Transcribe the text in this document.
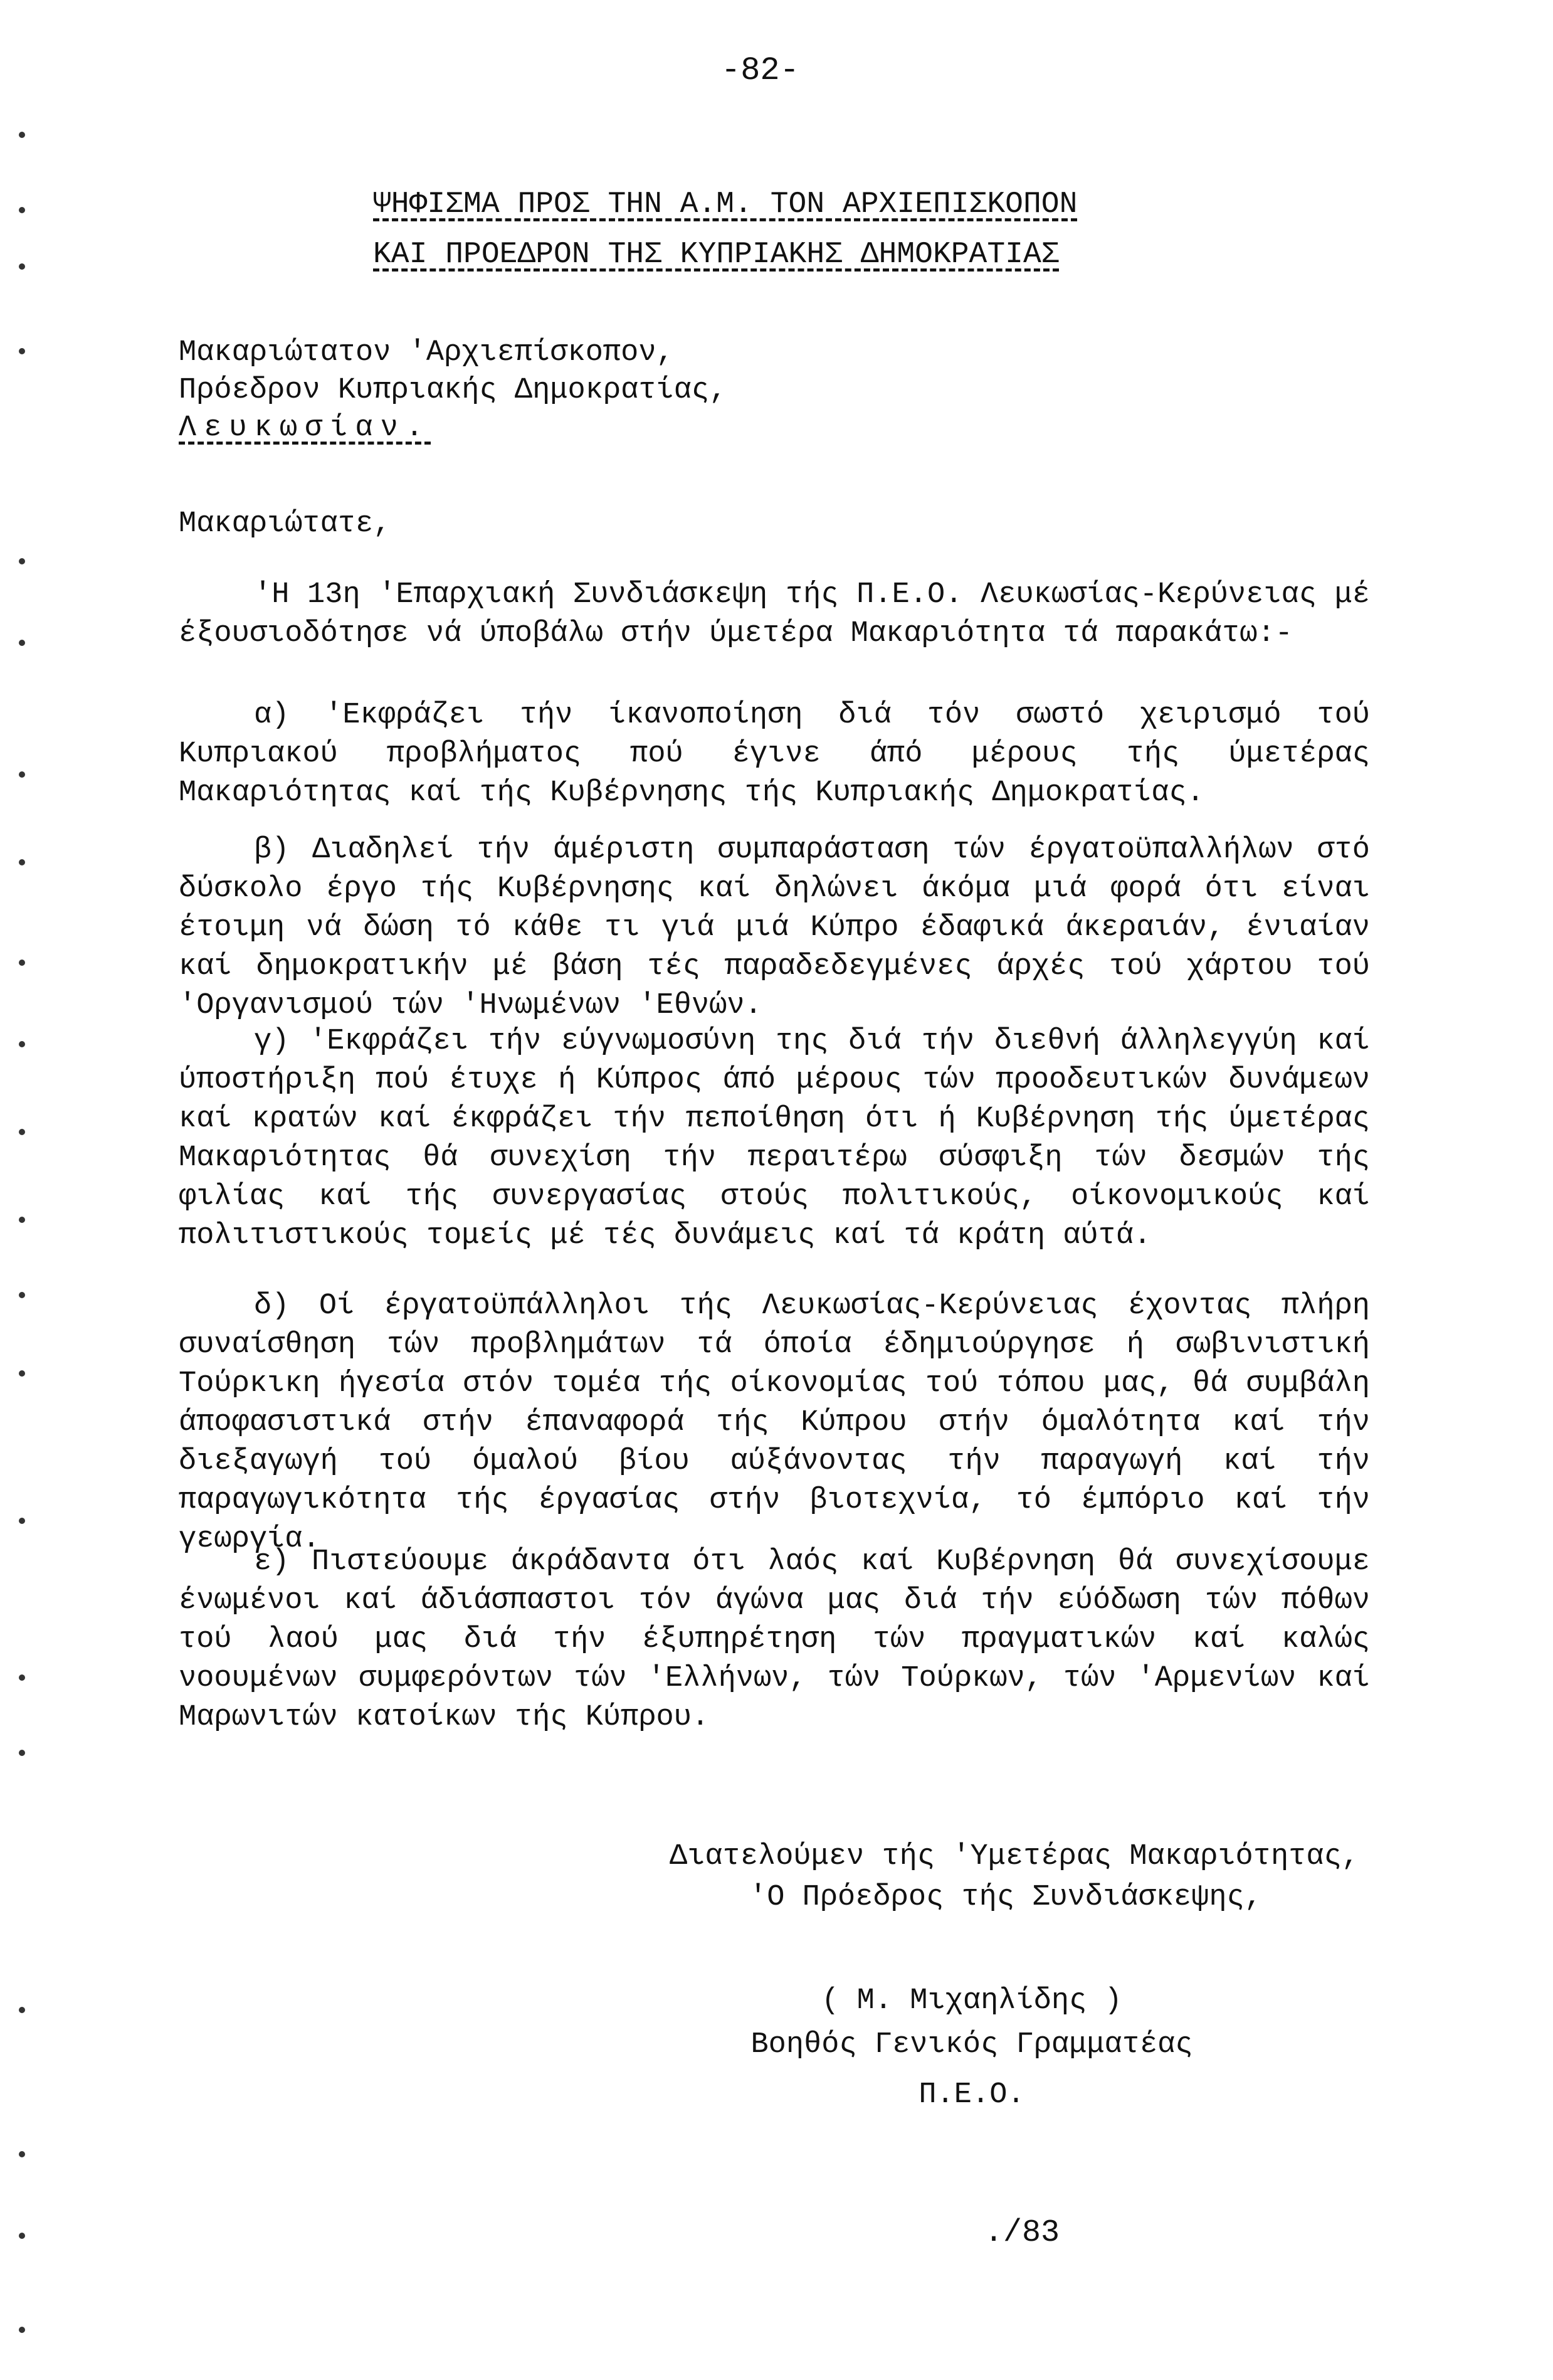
-82-
ΨΗΦΙΣΜΑ ΠΡΟΣ ΤΗΝ Α.Μ. ΤΟΝ ΑΡΧΙΕΠΙΣΚΟΠΟΝ
ΚΑΙ ΠΡΟΕΔΡΟΝ ΤΗΣ ΚΥΠΡΙΑΚΗΣ ΔΗΜΟΚΡΑΤΙΑΣ
Μακαριώτατον 'Αρχιεπίσκοπον,
Πρόεδρον Κυπριακής Δημοκρατίας,
Λευκωσίαν.
Μακαριώτατε,

'Η 13η 'Επαρχιακή Συνδιάσκεψη τής Π.Ε.Ο. Λευκωσίας-Κερύνειας μέ έξουσιοδότησε νά ύποβάλω στήν ύμετέρα Μακαριότητα τά παρακάτω:-

α) 'Εκφράζει τήν ίκανοποίηση διά τόν σωστό χειρισμό τού Κυπριακού προβλήματος πού έγινε άπό μέρους τής ύμετέρας Μακαριότητας καί τής Κυβέρνησης τής Κυπριακής Δημοκρατίας.

β) Διαδηλεί τήν άμέριστη συμπαράσταση τών έργατοϋπαλλήλων στό δύσκολο έργο τής Κυβέρνησης καί δηλώνει άκόμα μιά φορά ότι είναι έτοιμη νά δώση τό κάθε τι γιά μιά Κύπρο έδαφικά άκεραιάν, ένιαίαν καί δημοκρατικήν μέ βάση τές παραδεδεγμένες άρχές τού χάρτου τού 'Οργανισμού τών 'Ηνωμένων 'Εθνών.

γ) 'Εκφράζει τήν εύγνωμοσύνη της διά τήν διεθνή άλληλεγγύη καί ύποστήριξη πού έτυχε ή Κύπρος άπό μέρους τών προοδευτικών δυνάμεων καί κρατών καί έκφράζει τήν πεποίθηση ότι ή Κυβέρνηση τής ύμετέρας Μακαριότητας θά συνεχίση τήν περαιτέρω σύσφιξη τών δεσμών τής φιλίας καί τής συνεργασίας στούς πολιτικούς, οίκονομικούς καί πολιτιστικούς τομείς μέ τές δυνάμεις καί τά κράτη αύτά.

δ) Οί έργατοϋπάλληλοι τής Λευκωσίας-Κερύνειας έχοντας πλήρη συναίσθηση τών προβλημάτων τά όποία έδημιούργησε ή σωβινιστική Τούρκικη ήγεσία στόν τομέα τής οίκονομίας τού τόπου μας, θά συμβάλη άποφασιστικά στήν έπαναφορά τής Κύπρου στήν όμαλότητα καί τήν διεξαγωγή τού όμαλού βίου αύξάνοντας τήν παραγωγή καί τήν παραγωγικότητα τής έργασίας στήν βιοτεχνία, τό έμπόριο καί τήν γεωργία.

ε) Πιστεύουμε άκράδαντα ότι λαός καί Κυβέρνηση θά συνεχίσουμε ένωμένοι καί άδιάσπαστοι τόν άγώνα μας διά τήν εύόδωση τών πόθων τού λαού μας διά τήν έξυπηρέτηση τών πραγματικών καί καλώς νοουμένων συμφερόντων τών 'Ελλήνων, τών Τούρκων, τών 'Αρμενίων καί Μαρωνιτών κατοίκων τής Κύπρου.

Διατελούμεν τής 'Υμετέρας Μακαριότητας,
'Ο Πρόεδρος τής Συνδιάσκεψης,
( Μ. Μιχαηλίδης )
Βοηθός Γενικός Γραμματέας
Π.Ε.Ο.
./83
